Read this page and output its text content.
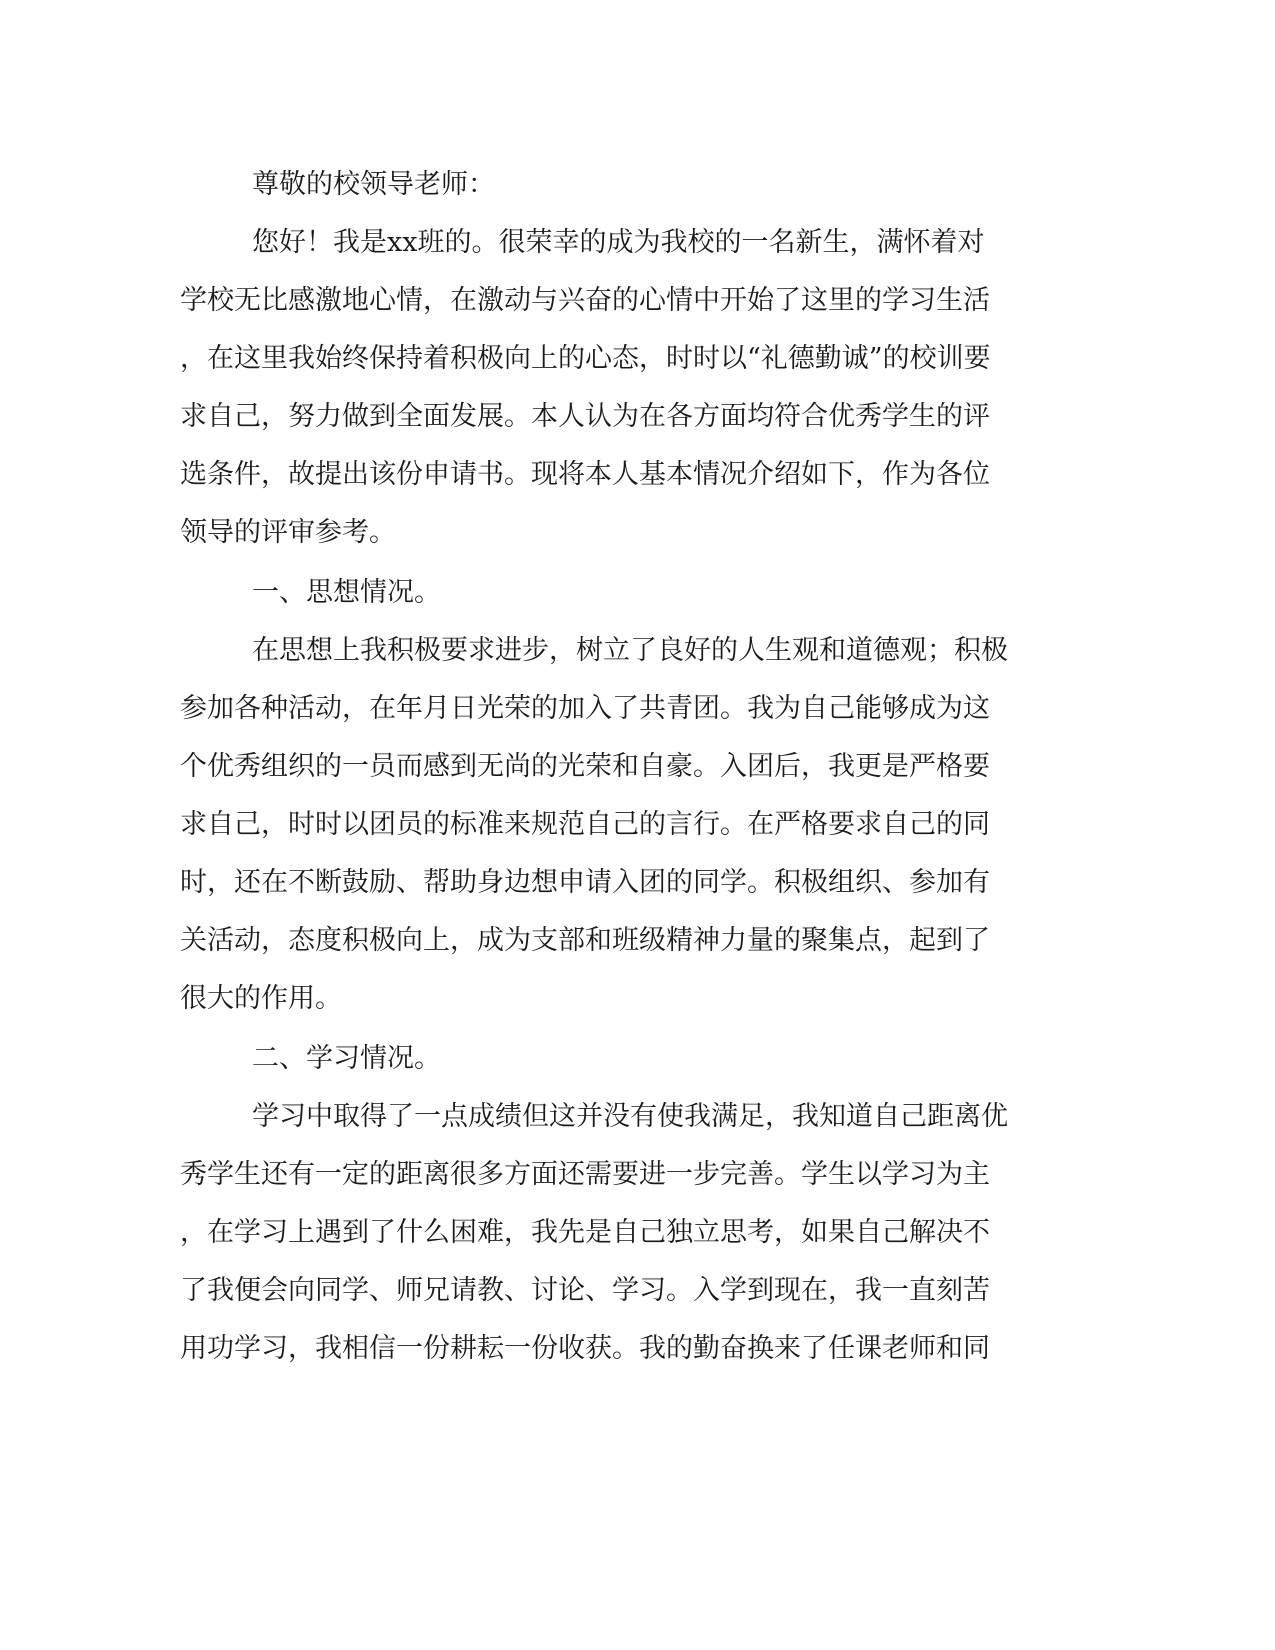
尊敬的校领导老师：
您好！我是xx班的。很荣幸的成为我校的一名新生，满怀着对
学校无比感激地心情，在激动与兴奋的心情中开始了这里的学习生活
，在这里我始终保持着积极向上的心态，时时以“礼德勤诚”的校训要
求自己，努力做到全面发展。本人认为在各方面均符合优秀学生的评
选条件，故提出该份申请书。现将本人基本情况介绍如下，作为各位
领导的评审参考。
一、思想情况。
在思想上我积极要求进步，树立了良好的人生观和道德观；积极
参加各种活动，在年月日光荣的加入了共青团。我为自己能够成为这
个优秀组织的一员而感到无尚的光荣和自豪。入团后，我更是严格要
求自己，时时以团员的标准来规范自己的言行。在严格要求自己的同
时，还在不断鼓励、帮助身边想申请入团的同学。积极组织、参加有
关活动，态度积极向上，成为支部和班级精神力量的聚集点，起到了
很大的作用。
二、学习情况。
学习中取得了一点成绩但这并没有使我满足，我知道自己距离优
秀学生还有一定的距离很多方面还需要进一步完善。学生以学习为主
，在学习上遇到了什么困难，我先是自己独立思考，如果自己解决不
了我便会向同学、师兄请教、讨论、学习。入学到现在，我一直刻苦
用功学习，我相信一份耕耘一份收获。我的勤奋换来了任课老师和同
